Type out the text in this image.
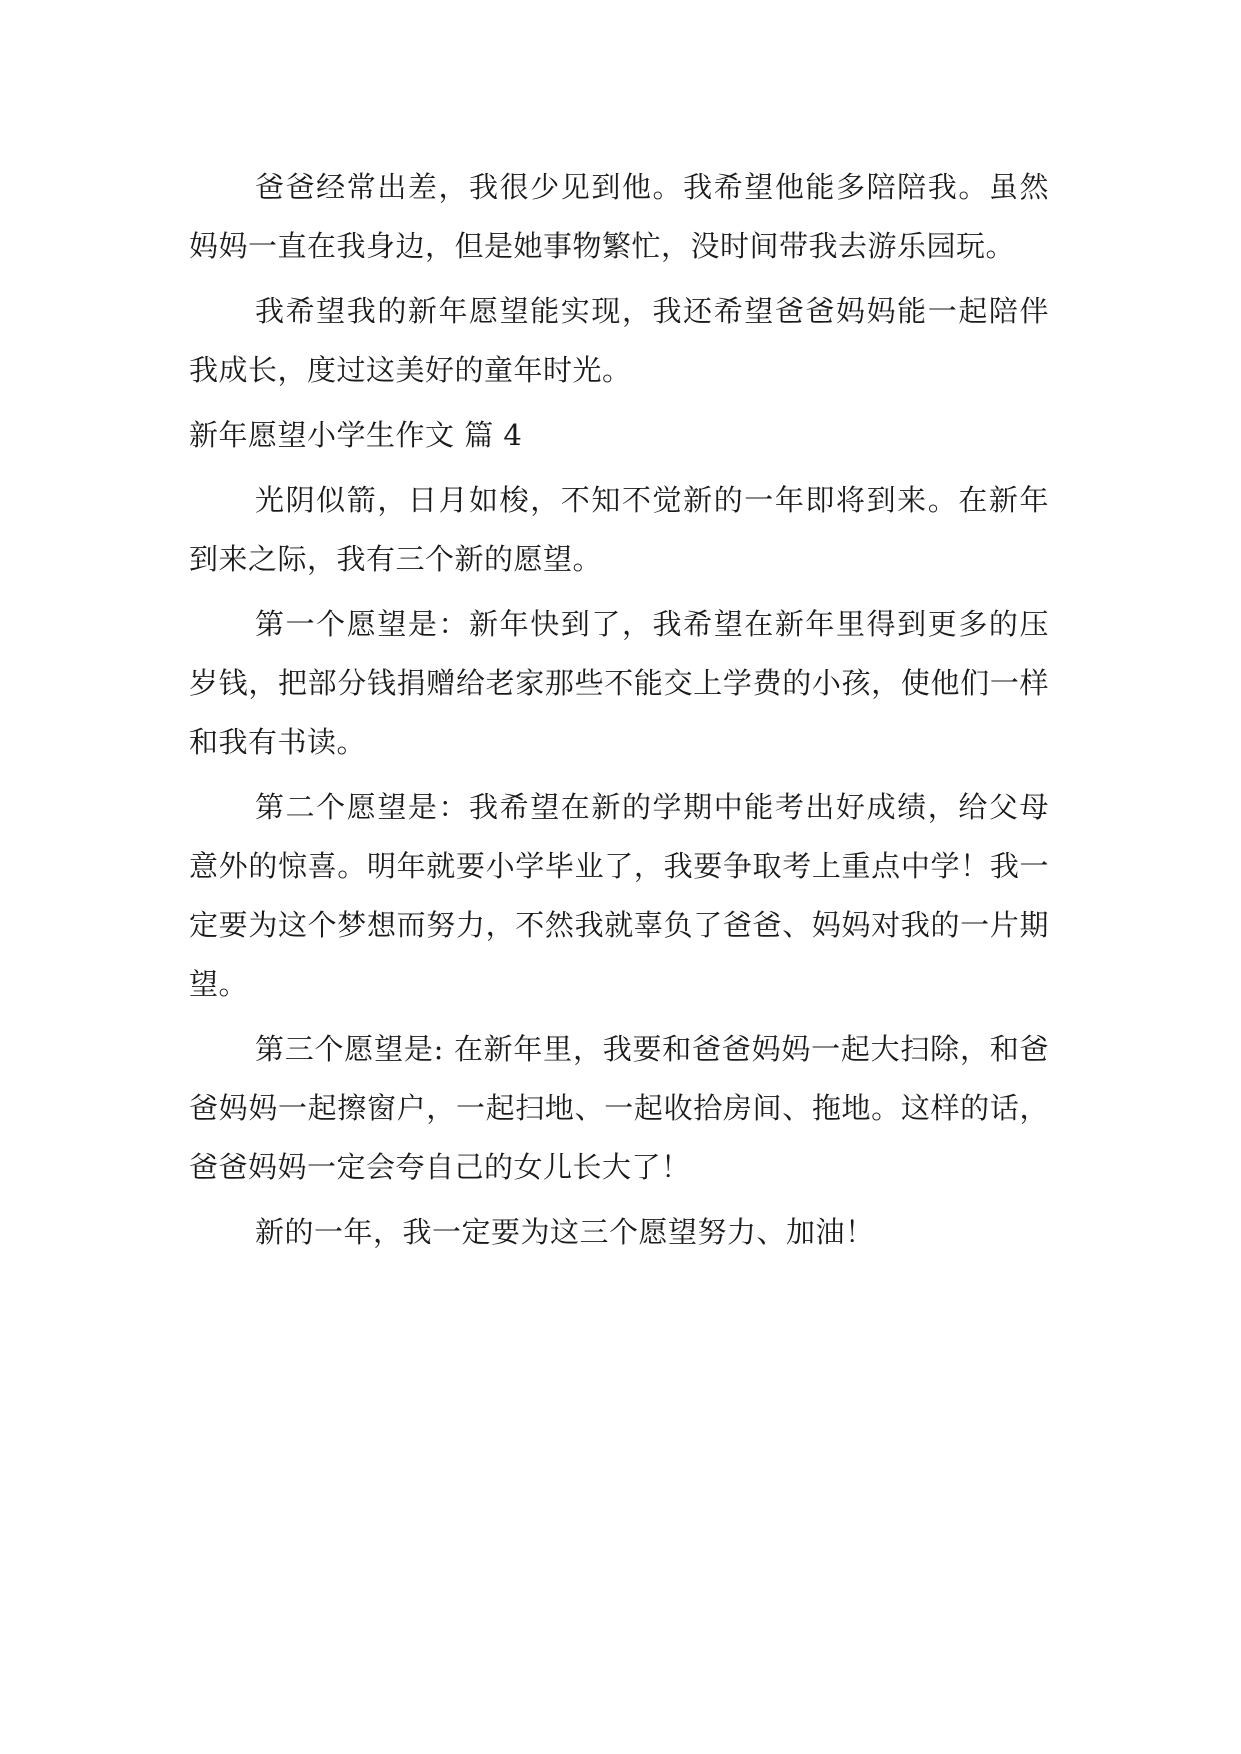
爸爸经常出差，我很少见到他。我希望他能多陪陪我。虽然妈妈一直在我身边，但是她事物繁忙，没时间带我去游乐园玩。

我希望我的新年愿望能实现，我还希望爸爸妈妈能一起陪伴我成长，度过这美好的童年时光。

新年愿望小学生作文 篇 4

光阴似箭，日月如梭，不知不觉新的一年即将到来。在新年到来之际，我有三个新的愿望。

第一个愿望是：新年快到了，我希望在新年里得到更多的压岁钱，把部分钱捐赠给老家那些不能交上学费的小孩，使他们一样和我有书读。

第二个愿望是：我希望在新的学期中能考出好成绩，给父母意外的惊喜。明年就要小学毕业了，我要争取考上重点中学！我一定要为这个梦想而努力，不然我就辜负了爸爸、妈妈对我的一片期望。

第三个愿望是: 在新年里，我要和爸爸妈妈一起大扫除，和爸爸妈妈一起擦窗户，一起扫地、一起收拾房间、拖地。这样的话，爸爸妈妈一定会夸自己的女儿长大了！

新的一年，我一定要为这三个愿望努力、加油！
